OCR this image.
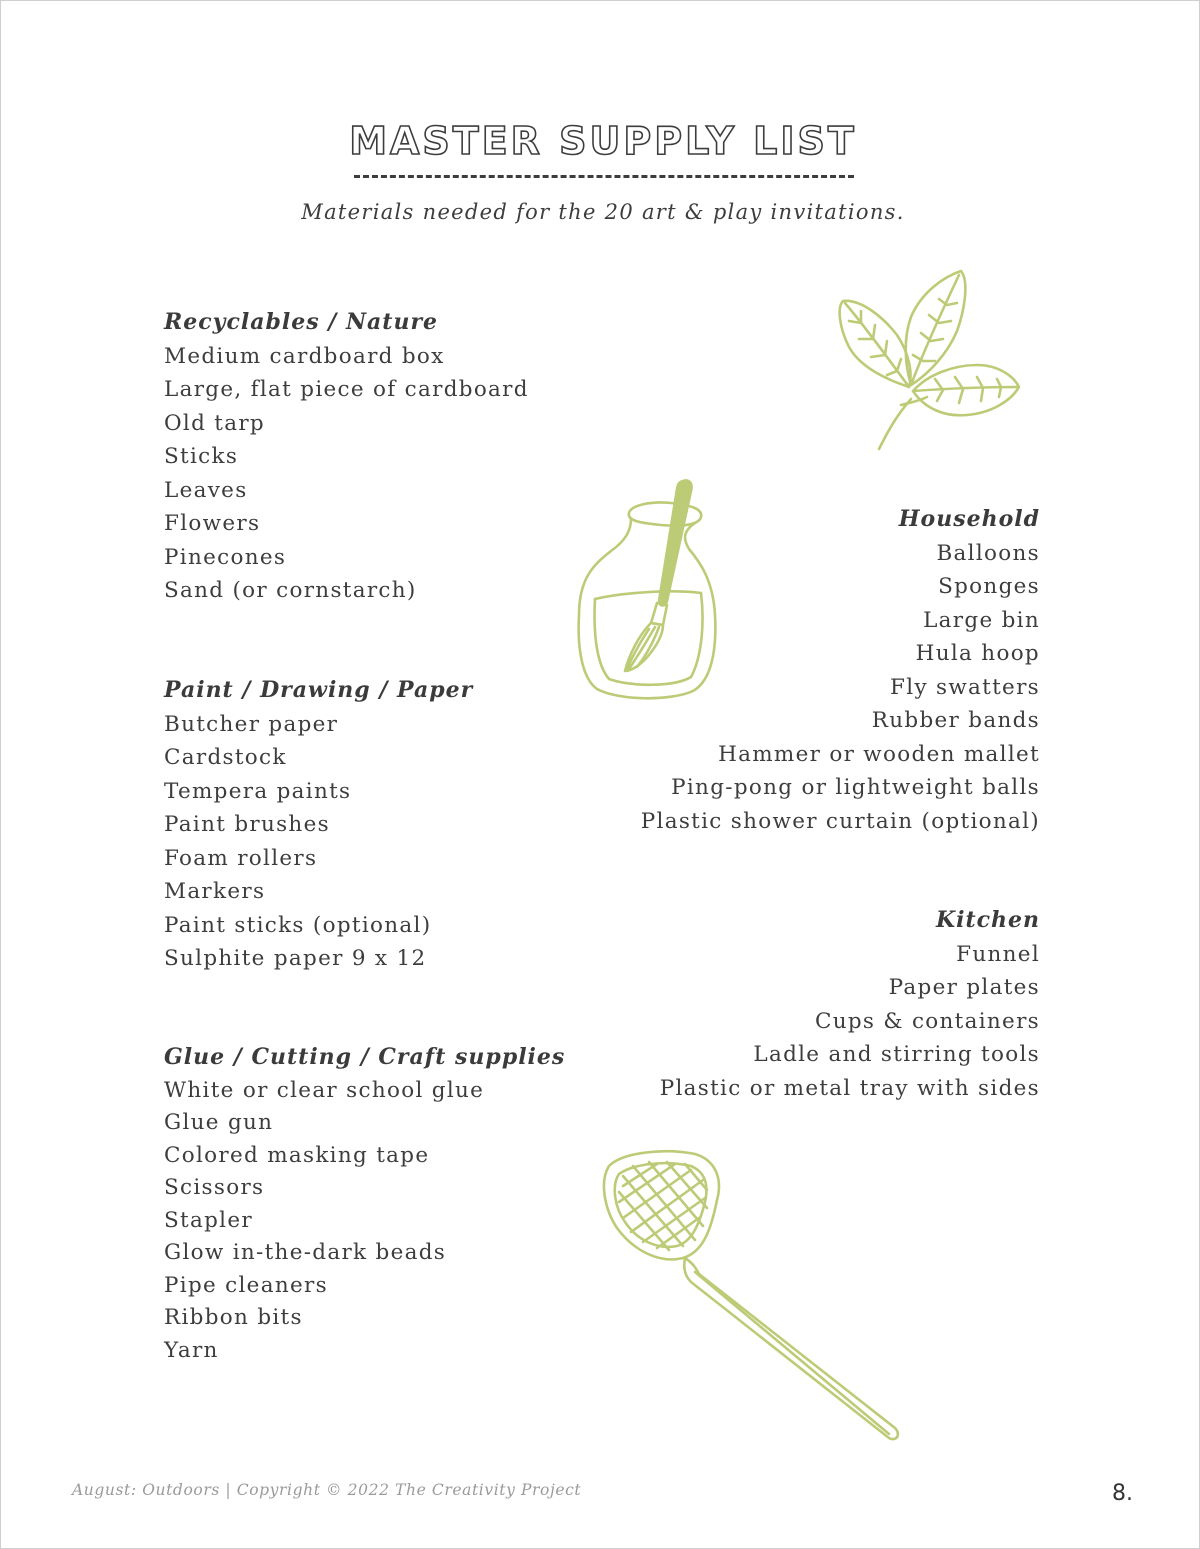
MASTER SUPPLY LIST
Materials needed for the 20 art & play invitations.
Recyclables / Nature
Medium cardboard box
Large, flat piece of cardboard
Old tarp
Sticks
Leaves
Flowers
Pinecones
Sand (or cornstarch)
Paint / Drawing / Paper
Butcher paper
Cardstock
Tempera paints
Paint brushes
Foam rollers
Markers
Paint sticks (optional)
Sulphite paper 9 x 12
Glue / Cutting / Craft supplies
White or clear school glue
Glue gun
Colored masking tape
Scissors
Stapler
Glow in-the-dark beads
Pipe cleaners
Ribbon bits
Yarn
Household
Balloons
Sponges
Large bin
Hula hoop
Fly swatters
Rubber bands
Hammer or wooden mallet
Ping-pong or lightweight balls
Plastic shower curtain (optional)
Kitchen
Funnel
Paper plates
Cups & containers
Ladle and stirring tools
Plastic or metal tray with sides
August: Outdoors | Copyright © 2022 The Creativity Project	8.
